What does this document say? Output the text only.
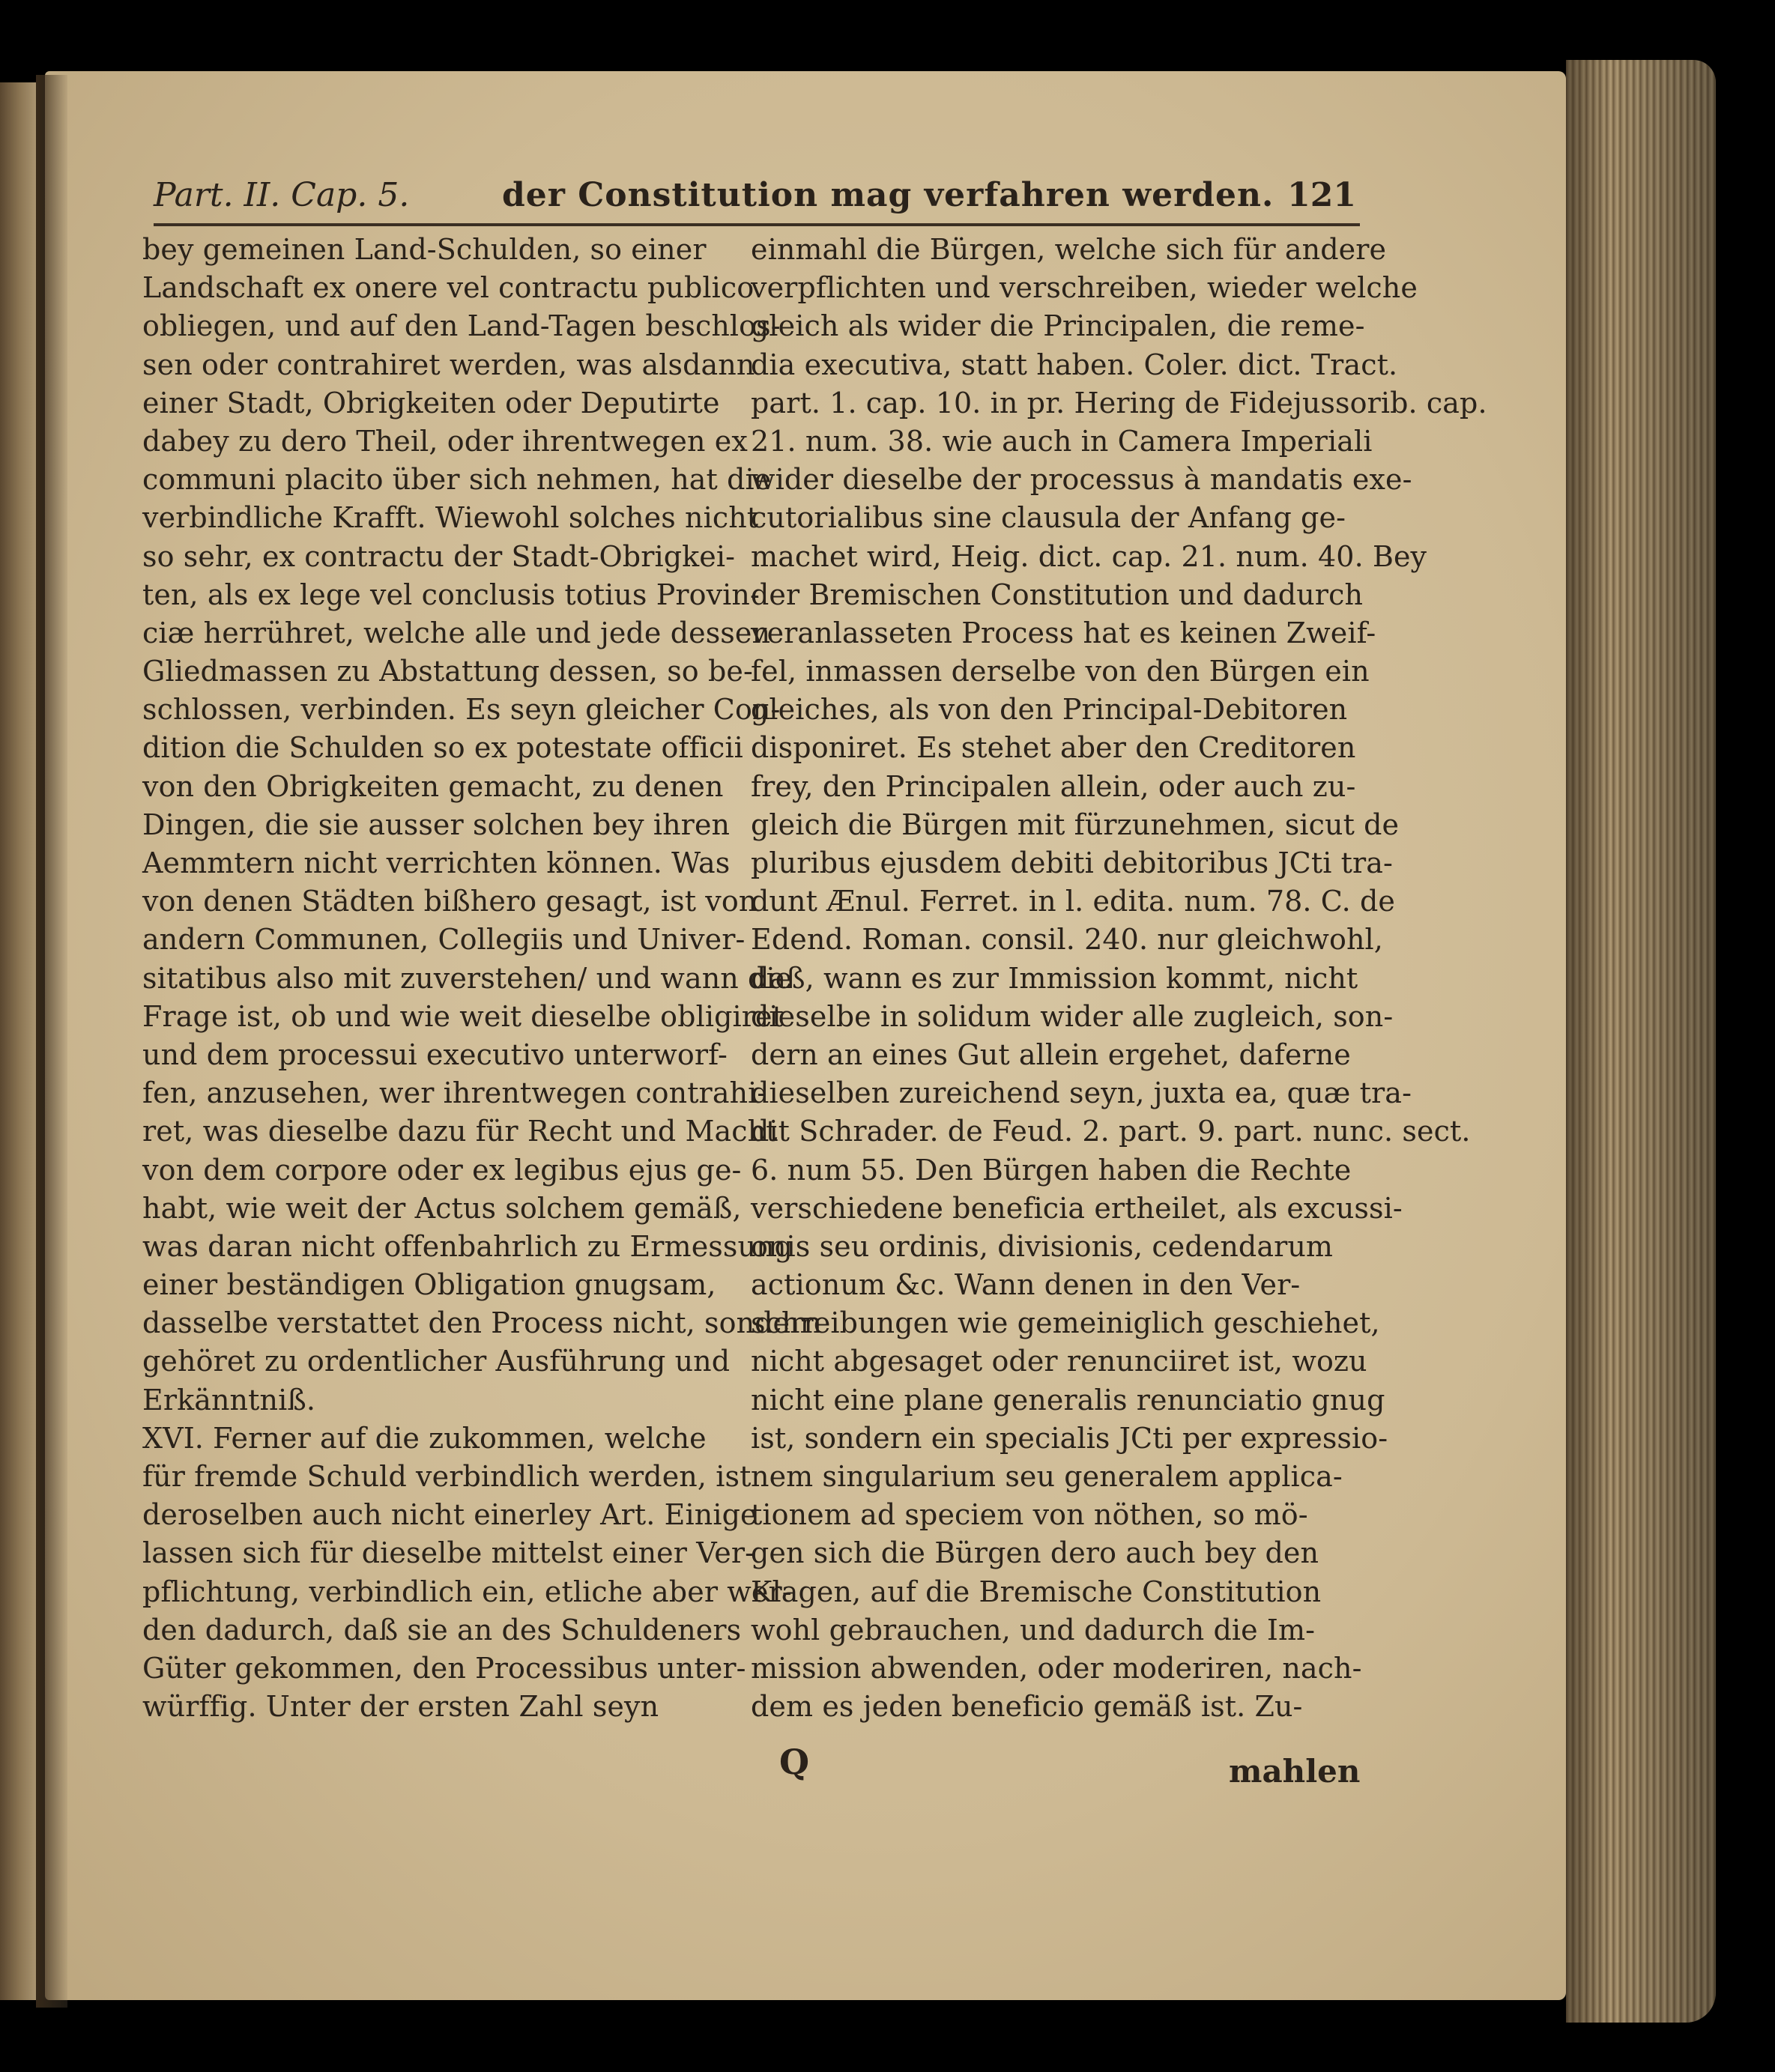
Part. II. Cap. 5.	der Constitution mag verfahren werden. 121
bey gemeinen Land-Schulden, so einer
Landschaft ex onere vel contractu publico
obliegen, und auf den Land-Tagen beschlos-
sen oder contrahiret werden, was alsdann
einer Stadt, Obrigkeiten oder Deputirte
dabey zu dero Theil, oder ihrentwegen ex
communi placito über sich nehmen, hat die
verbindliche Krafft. Wiewohl solches nicht
so sehr, ex contractu der Stadt-Obrigkei-
ten, als ex lege vel conclusis totius Provin-
ciæ herrühret, welche alle und jede dessen
Gliedmassen zu Abstattung dessen, so be-
schlossen, verbinden. Es seyn gleicher Con-
dition die Schulden so ex potestate officii
von den Obrigkeiten gemacht, zu denen
Dingen, die sie ausser solchen bey ihren
Aemmtern nicht verrichten können. Was
von denen Städten bißhero gesagt, ist von
andern Communen, Collegiis und Univer-
sitatibus also mit zuverstehen/ und wann die
Frage ist, ob und wie weit dieselbe obligiret
und dem processui executivo unterworf-
fen, anzusehen, wer ihrentwegen contrahi-
ret, was dieselbe dazu für Recht und Macht
von dem corpore oder ex legibus ejus ge-
habt, wie weit der Actus solchem gemäß,
was daran nicht offenbahrlich zu Ermessung
einer beständigen Obligation gnugsam,
dasselbe verstattet den Process nicht, sondern
gehöret zu ordentlicher Ausführung und
Erkänntniß.
XVI. Ferner auf die zukommen, welche
für fremde Schuld verbindlich werden, ist
deroselben auch nicht einerley Art. Einige
lassen sich für dieselbe mittelst einer Ver-
pflichtung, verbindlich ein, etliche aber wer-
den dadurch, daß sie an des Schuldeners
Güter gekommen, den Processibus unter-
würffig. Unter der ersten Zahl seyn
einmahl die Bürgen, welche sich für andere
verpflichten und verschreiben, wieder welche
gleich als wider die Principalen, die reme-
dia executiva, statt haben. Coler. dict. Tract.
part. 1. cap. 10. in pr. Hering de Fidejussorib. cap.
21. num. 38. wie auch in Camera Imperiali
wider dieselbe der processus à mandatis exe-
cutorialibus sine clausula der Anfang ge-
machet wird, Heig. dict. cap. 21. num. 40. Bey
der Bremischen Constitution und dadurch
veranlasseten Process hat es keinen Zweif-
fel, inmassen derselbe von den Bürgen ein
gleiches, als von den Principal-Debitoren
disponiret. Es stehet aber den Creditoren
frey, den Principalen allein, oder auch zu-
gleich die Bürgen mit fürzunehmen, sicut de
pluribus ejusdem debiti debitoribus JCti tra-
dunt Ænul. Ferret. in l. edita. num. 78. C. de
Edend. Roman. consil. 240. nur gleichwohl,
daß, wann es zur Immission kommt, nicht
dieselbe in solidum wider alle zugleich, son-
dern an eines Gut allein ergehet, daferne
dieselben zureichend seyn, juxta ea, quæ tra-
dit Schrader. de Feud. 2. part. 9. part. nunc. sect.
6. num 55. Den Bürgen haben die Rechte
verschiedene beneficia ertheilet, als excussi-
onis seu ordinis, divisionis, cedendarum
actionum &c. Wann denen in den Ver-
schreibungen wie gemeiniglich geschiehet,
nicht abgesaget oder renunciiret ist, wozu
nicht eine plane generalis renunciatio gnug
ist, sondern ein specialis JCti per expressio-
nem singularium seu generalem applica-
tionem ad speciem von nöthen, so mö-
gen sich die Bürgen dero auch bey den
Klagen, auf die Bremische Constitution
wohl gebrauchen, und dadurch die Im-
mission abwenden, oder moderiren, nach-
dem es jeden beneficio gemäß ist. Zu-
Q	mahlen
